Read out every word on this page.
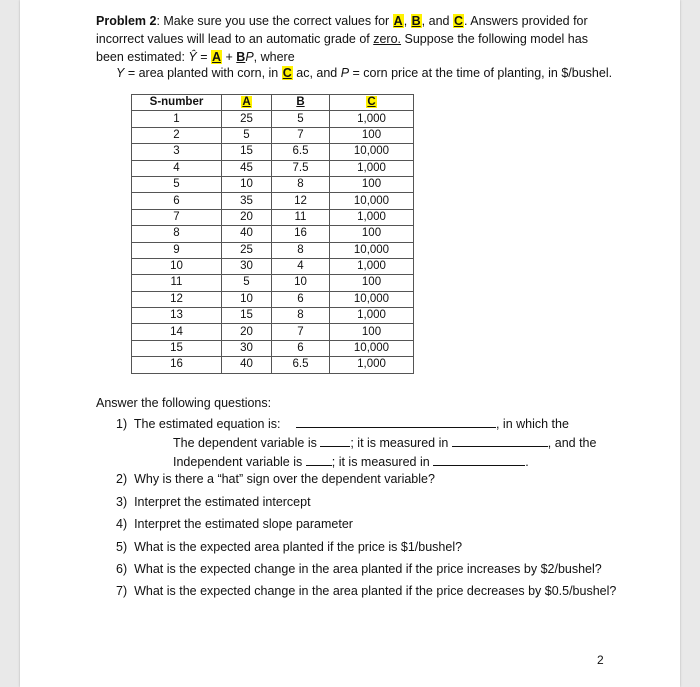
Problem 2: Make sure you use the correct values for A, B, and C. Answers provided for incorrect values will lead to an automatic grade of zero. Suppose the following model has been estimated: Ŷ = A + BP, where

Y = area planted with corn, in C ac, and P = corn price at the time of planting, in $/bushel.
S-number	A	B	C
1	25	5	1,000
2	5	7	100
3	15	6.5	10,000
4	45	7.5	1,000
5	10	8	100
6	35	12	10,000
7	20	11	1,000
8	40	16	100
9	25	8	10,000
10	30	4	1,000
11	5	10	100
12	10	6	10,000
13	15	8	1,000
14	20	7	100
15	30	6	10,000
16	40	6.5	1,000
Answer the following questions:
1) The estimated equation is:	, in which the
The dependent variable is	; it is measured in	, and the
Independent variable is ; it is measured in	.
2) Why is there a “hat” sign over the dependent variable?
3) Interpret the estimated intercept
4) Interpret the estimated slope parameter
5) What is the expected area planted if the price is $1/bushel?
6) What is the expected change in the area planted if the price increases by $2/bushel?
7) What is the expected change in the area planted if the price decreases by $0.5/bushel?
2
